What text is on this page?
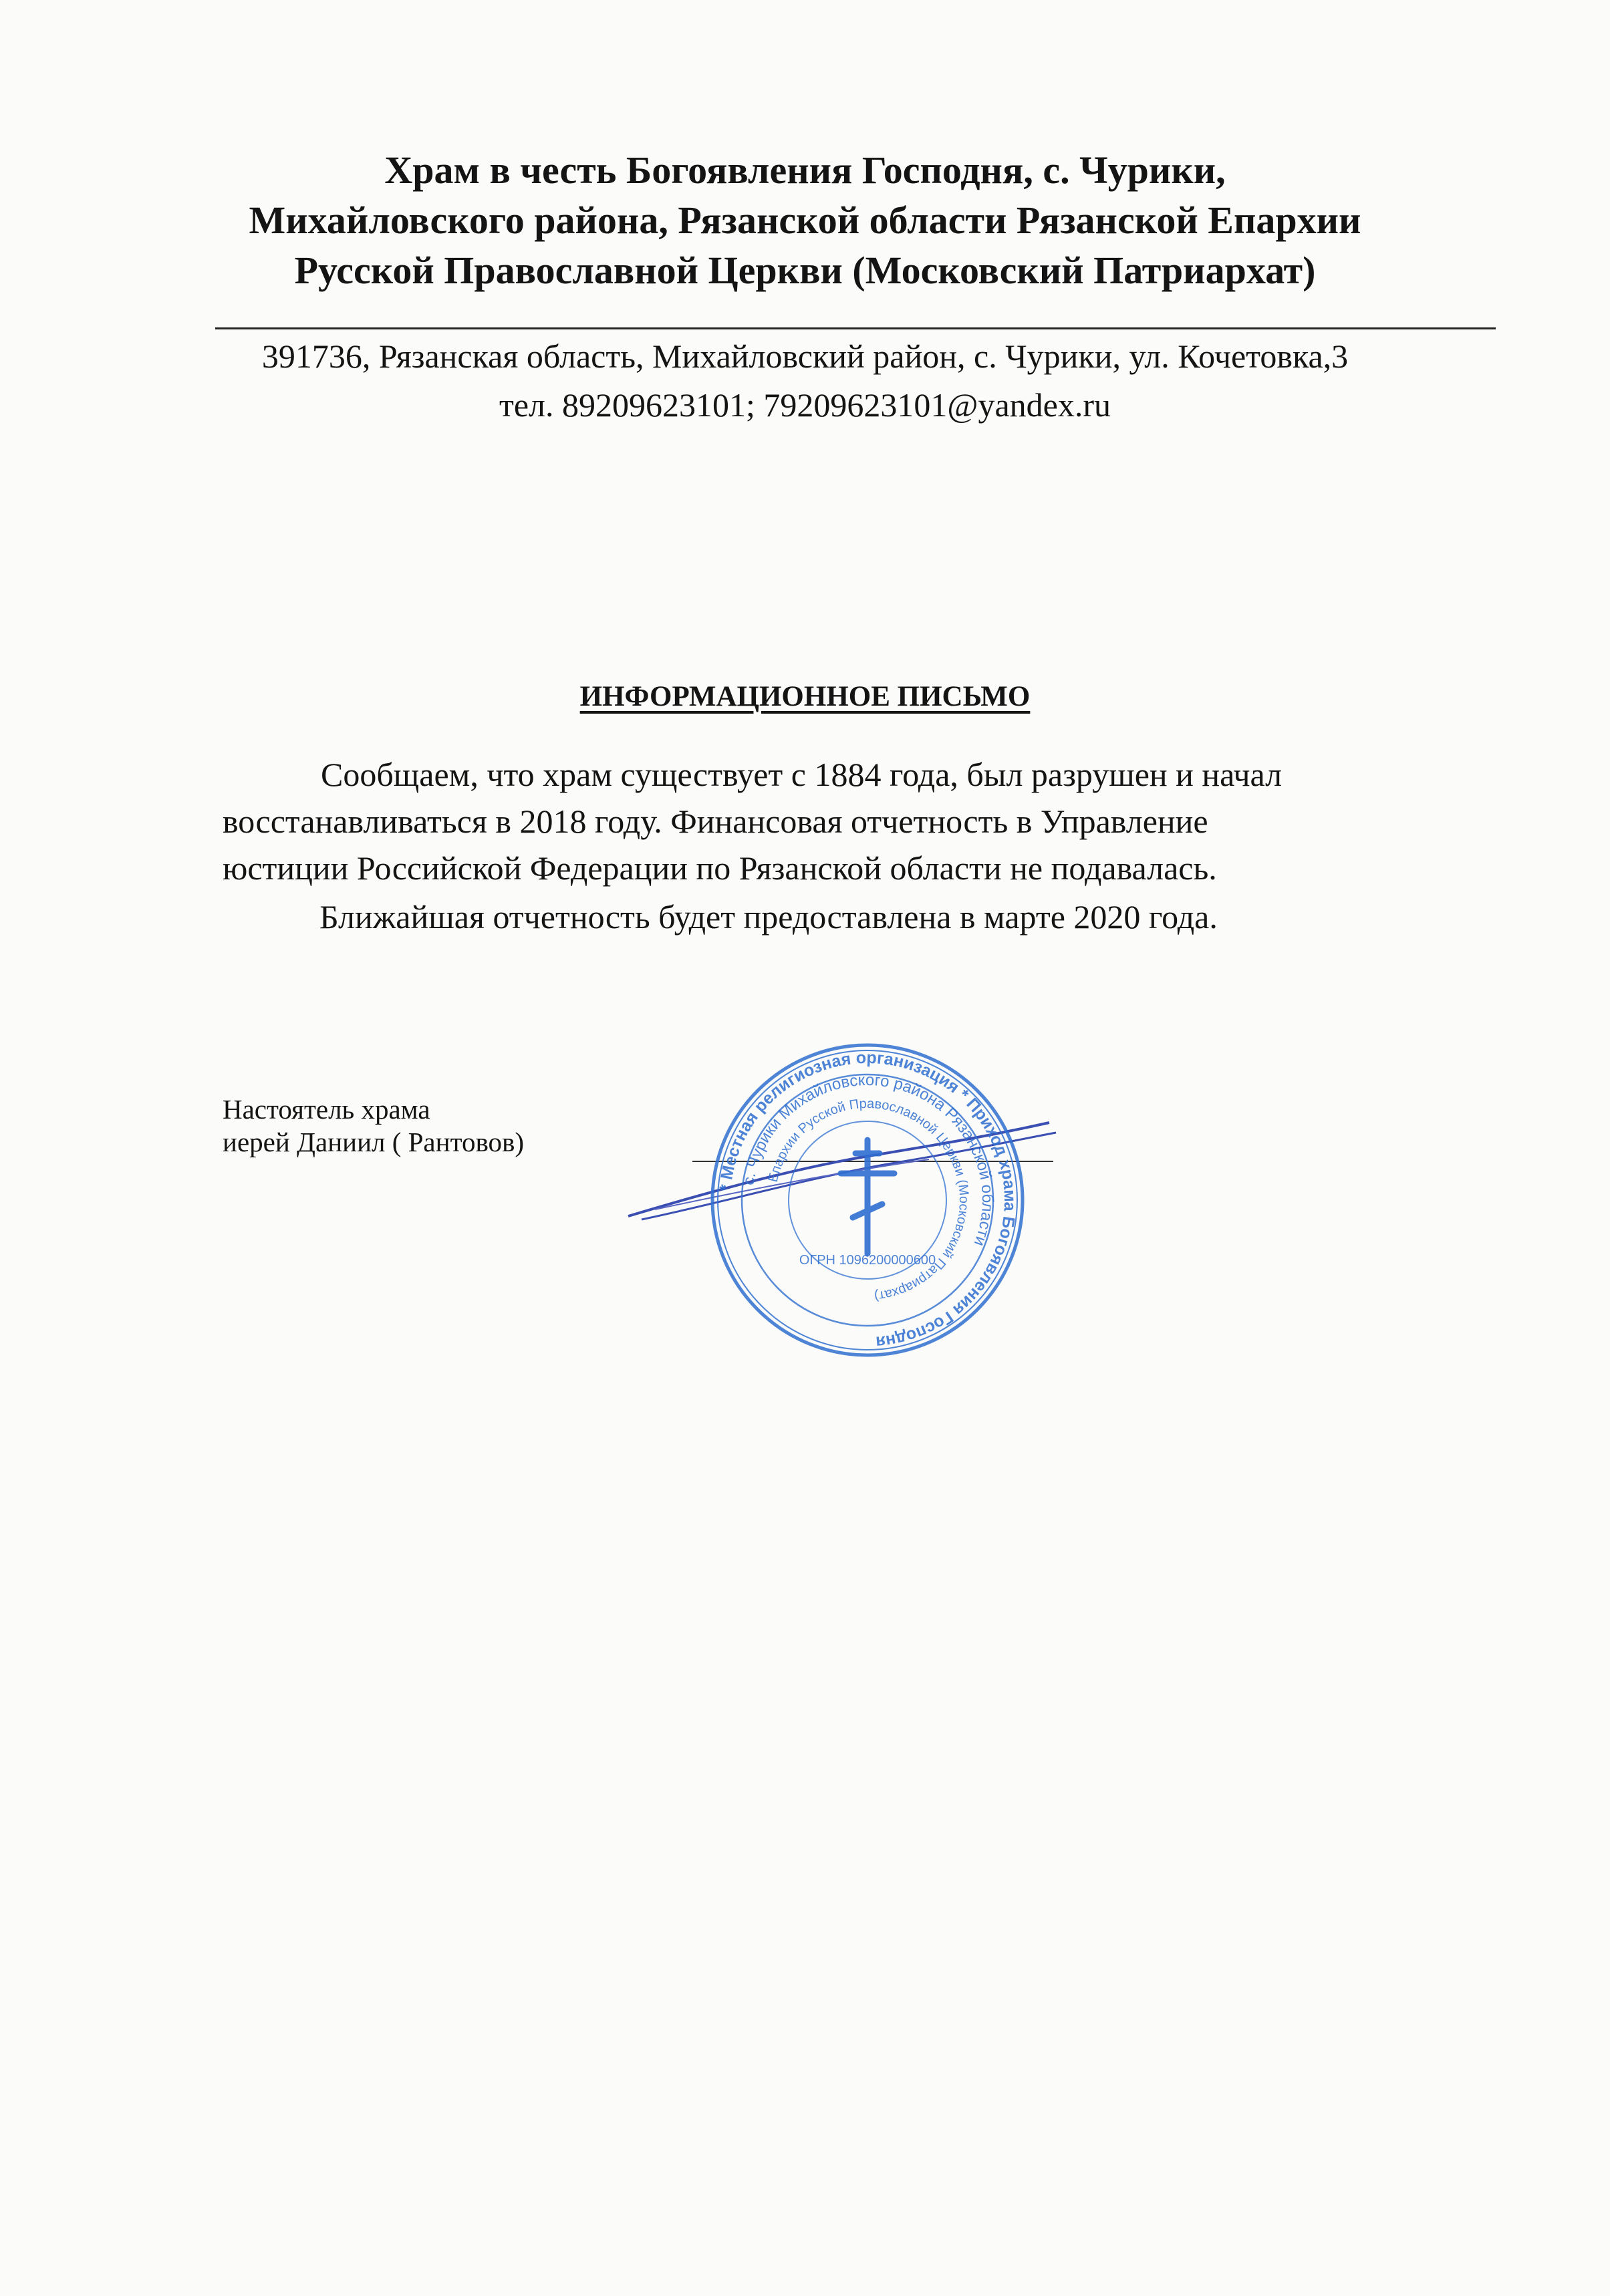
Храм в честь Богоявления Господня, с. Чурики,
Михайловского района, Рязанской области Рязанской Епархии
Русской Православной Церкви (Московский Патриархат)
391736, Рязанская область, Михайловский район, с. Чурики, ул. Кочетовка,3
тел. 89209623101; 79209623101@yandex.ru
ИНФОРМАЦИОННОЕ ПИСЬМО
Сообщаем, что храм существует с 1884 года, был разрушен и начал
восстанавливаться в 2018 году. Финансовая отчетность в Управление
юстиции Российской Федерации по Рязанской области не подавалась.
Ближайшая отчетность будет предоставлена в марте 2020 года.
Настоятель храма
иерей Даниил ( Рантовов)
* Местная религиозная организация * Приход храма Богоявления Господня
с. Чурики Михайловского района Рязанской области
Епархии Русской Православной Церкви (Московский Патриархат)
ОГРН 1096200000600
